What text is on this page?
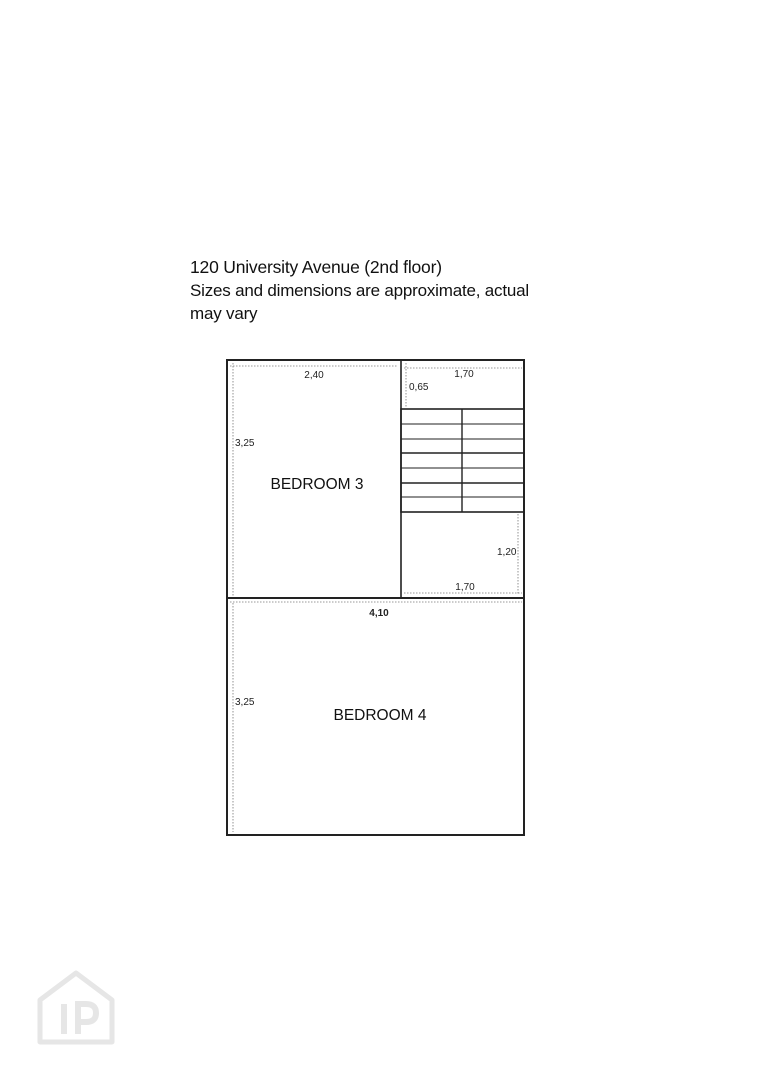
120 University Avenue (2nd floor)
Sizes and dimensions are approximate, actual
may vary
BEDROOM 3
BEDROOM 4
2,40
3,25
1,70
0,65
1,20
1,70
4,10
3,25
